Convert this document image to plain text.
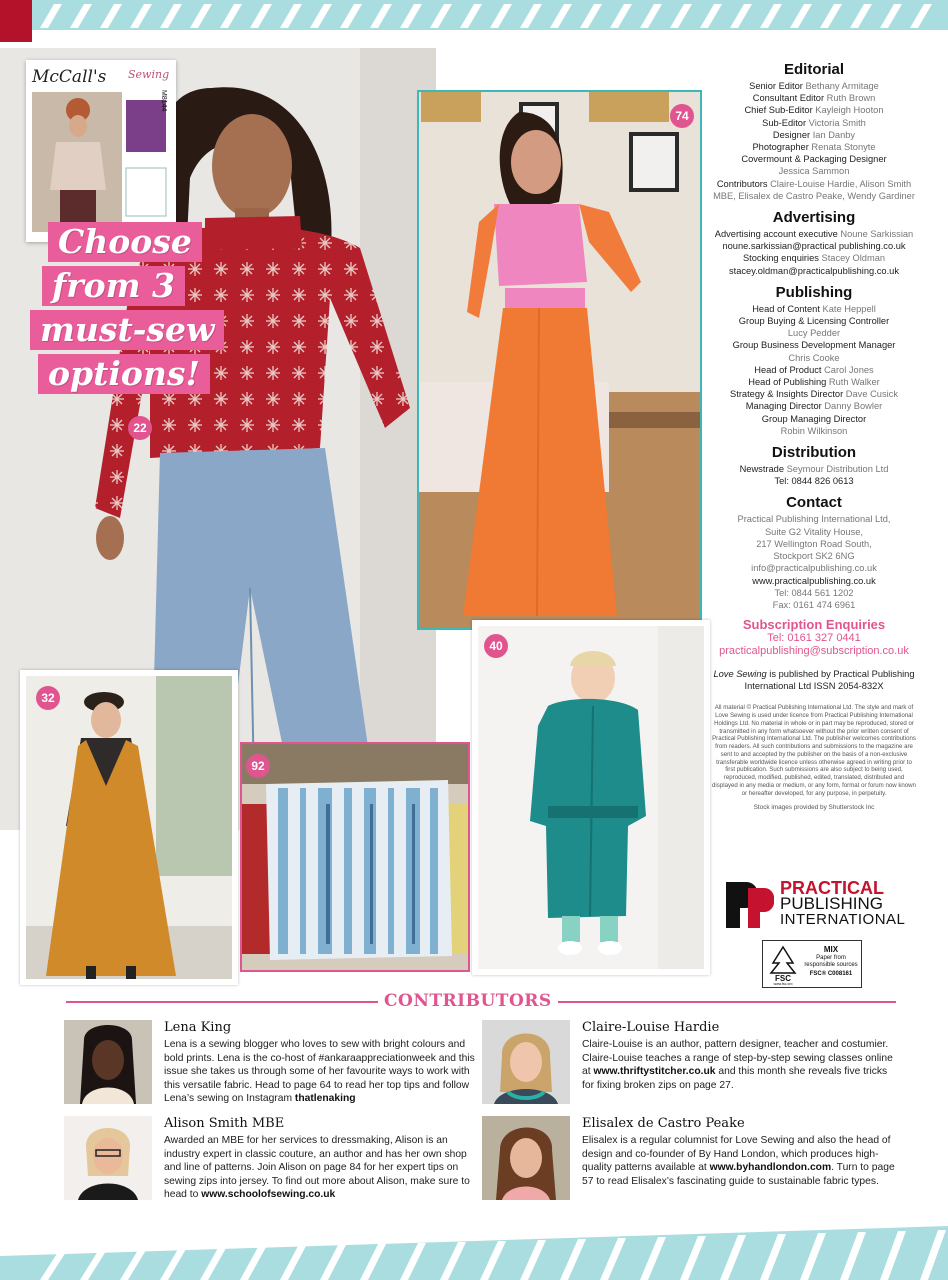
McCall's Sewing
M8144
Choose
from 3
must-sew
options!
22
74
40
32
92
Editorial
Senior Editor Bethany Armitage
Consultant Editor Ruth Brown
Chief Sub-Editor Kayleigh Hooton
Sub-Editor Victoria Smith
Designer Ian Danby
Photographer Renata Stonyte
Covermount & Packaging Designer
Jessica Sammon
Contributors Claire-Louise Hardie, Alison Smith MBE, Elisalex de Castro Peake, Wendy Gardiner
Advertising
Advertising account executive Noune Sarkissian
noune.sarkissian@practical publishing.co.uk
Stocking enquiries Stacey Oldman
stacey.oldman@practicalpublishing.co.uk
Publishing
Head of Content Kate Heppell
Group Buying & Licensing Controller
Lucy Pedder
Group Business Development Manager
Chris Cooke
Head of Product Carol Jones
Head of Publishing Ruth Walker
Strategy & Insights Director Dave Cusick
Managing Director Danny Bowler
Group Managing Director
Robin Wilkinson
Distribution
Newstrade Seymour Distribution Ltd
Tel: 0844 826 0613
Contact
Practical Publishing International Ltd,
Suite G2 Vitality House,
217 Wellington Road South,
Stockport SK2 6NG
info@practicalpublishing.co.uk
www.practicalpublishing.co.uk
Tel: 0844 561 1202
Fax: 0161 474 6961
Subscription Enquiries
Tel: 0161 327 0441
practicalpublishing@subscription.co.uk
Love Sewing is published by Practical Publishing International Ltd ISSN 2054-832X
All material © Practical Publishing International Ltd. The style and mark of Love Sewing is used under licence from Practical Publishing International Holdings Ltd. No material in whole or in part may be reproduced, stored or transmitted in any form whatsoever without the prior written consent of Practical Publishing International Ltd. The publisher welcomes contributions from readers. All such contributions and submissions to the magazine are sent to and accepted by the publisher on the basis of a non-exclusive transferable worldwide licence unless otherwise agreed in writing prior to first publication. Such submissions are also subject to being used, reproduced, modified, published, edited, translated, distributed and displayed in any media or medium, or any form, format or forum now known or hereafter developed, for any purpose, in perpetuity.
Stock images provided by Shutterstock Inc
PRACTICAL
PUBLISHING
INTERNATIONAL
FSC
www.fsc.org
MIX
Paper from
responsible sources
FSC® C008161
CONTRIBUTORS
Lena King
Lena is a sewing blogger who loves to sew with bright colours and bold prints. Lena is the co-host of #ankaraappreciationweek and this issue she takes us through some of her favourite ways to work with this versatile fabric. Head to page 64 to read her top tips and follow Lena’s sewing on Instagram thatlenaking
Alison Smith MBE
Awarded an MBE for her services to dressmaking, Alison is an industry expert in classic couture, an author and has her own shop and line of patterns. Join Alison on page 84 for her expert tips on sewing zips into jersey. To find out more about Alison, make sure to head to www.schoolofsewing.co.uk
Claire-Louise Hardie
Claire-Louise is an author, pattern designer, teacher and costumier. Claire-Louise teaches a range of step-by-step sewing classes online at www.thriftystitcher.co.uk and this month she reveals five tricks for fixing broken zips on page 27.
Elisalex de Castro Peake
Elisalex is a regular columnist for Love Sewing and also the head of design and co-founder of By Hand London, which produces high-quality patterns available at www.byhandlondon.com. Turn to page 57 to read Elisalex’s fascinating guide to sustainable fabric types.
